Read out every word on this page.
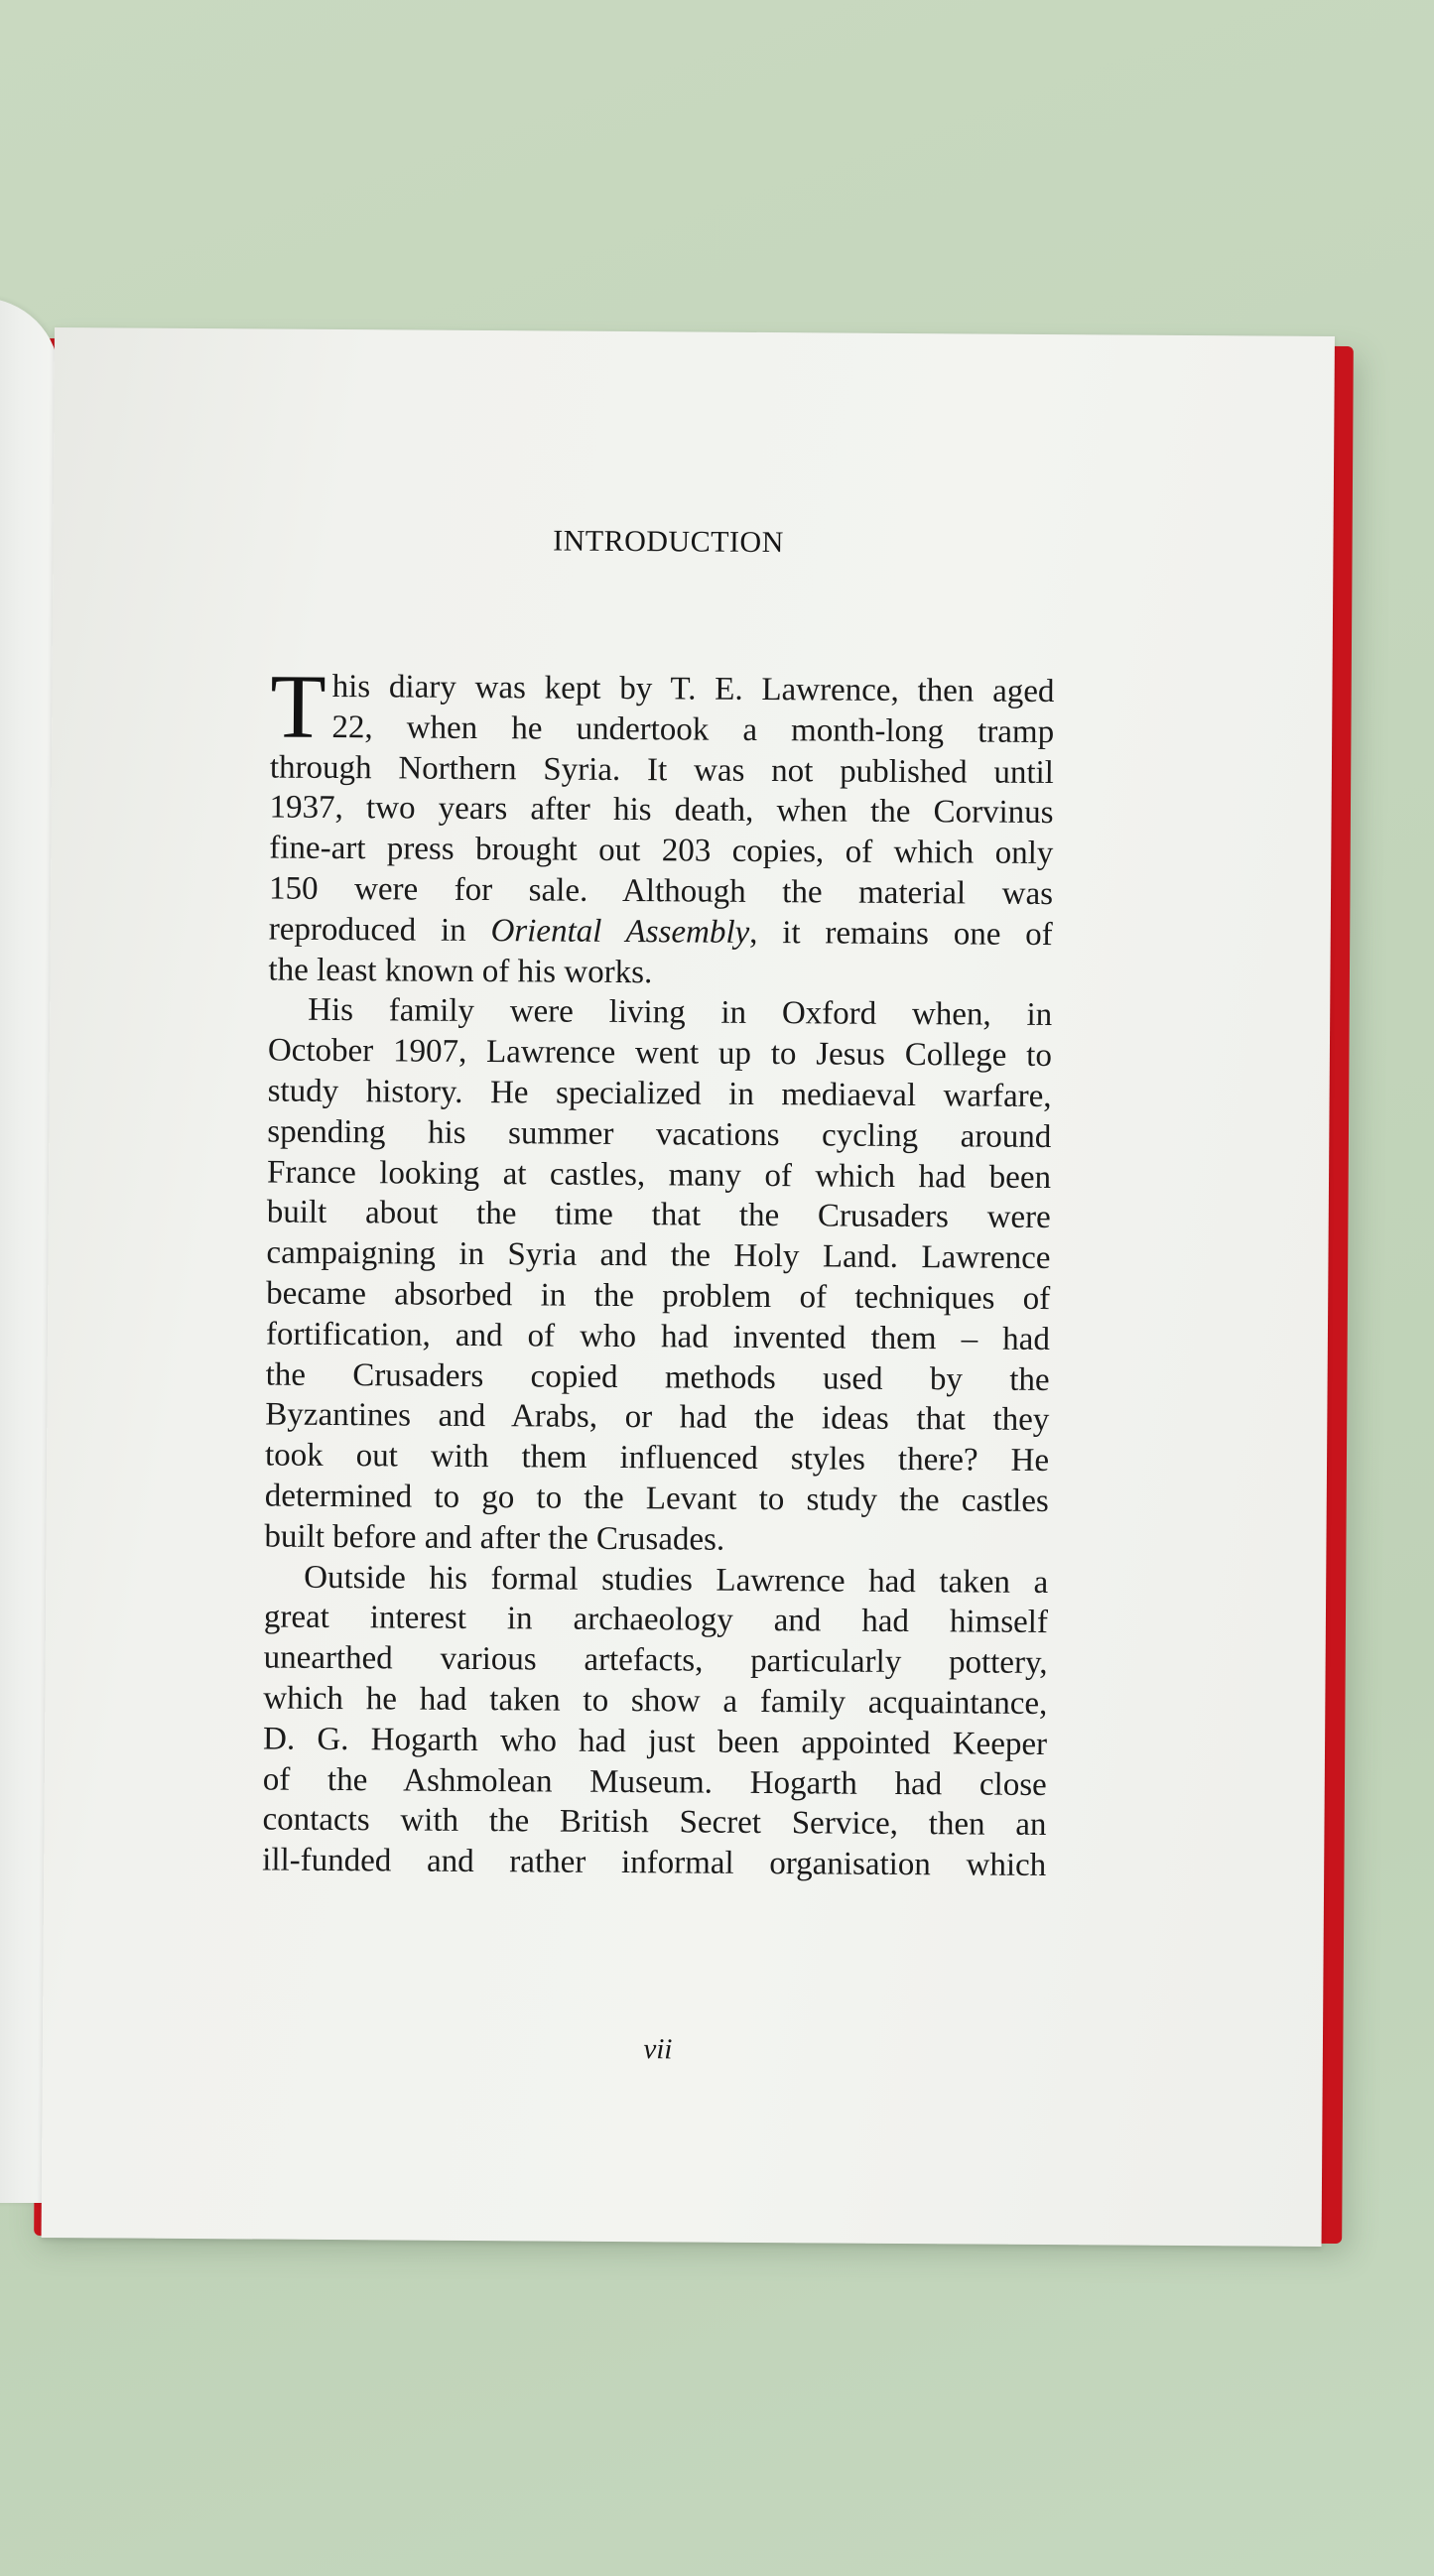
INTRODUCTION
T his diary was kept by T. E. Lawrence, then aged
22, when he undertook a month-long tramp
through Northern Syria. It was not published until
1937, two years after his death, when the Corvinus
fine-art press brought out 203 copies, of which only
150 were for sale. Although the material was
reproduced in Oriental Assembly, it remains one of
the least known of his works.
His family were living in Oxford when, in
October 1907, Lawrence went up to Jesus College to
study history. He specialized in mediaeval warfare,
spending his summer vacations cycling around
France looking at castles, many of which had been
built about the time that the Crusaders were
campaigning in Syria and the Holy Land. Lawrence
became absorbed in the problem of techniques of
fortification, and of who had invented them – had
the Crusaders copied methods used by the
Byzantines and Arabs, or had the ideas that they
took out with them influenced styles there? He
determined to go to the Levant to study the castles
built before and after the Crusades.
Outside his formal studies Lawrence had taken a
great interest in archaeology and had himself
unearthed various artefacts, particularly pottery,
which he had taken to show a family acquaintance,
D. G. Hogarth who had just been appointed Keeper
of the Ashmolean Museum. Hogarth had close
contacts with the British Secret Service, then an
ill-funded and rather informal organisation which
vii
